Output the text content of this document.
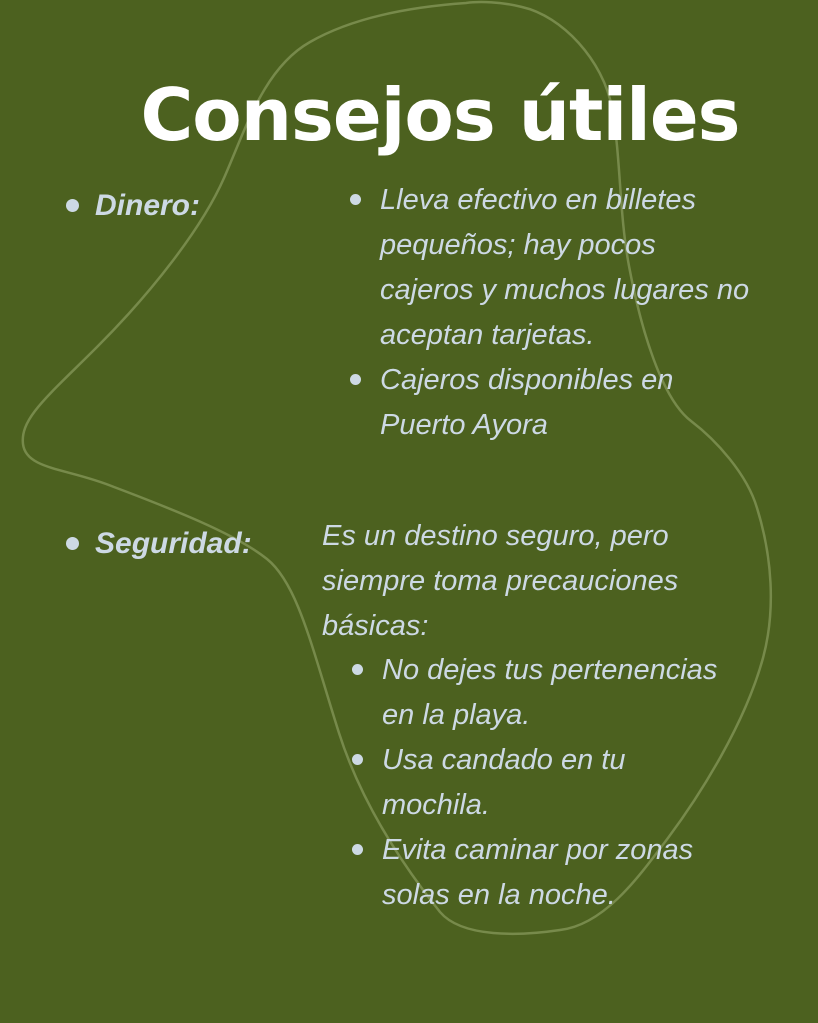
Consejos útiles
Dinero:	Lleva efectivo en billetes pequeños; hay pocos cajeros y muchos lugares no aceptan tarjetas.
Cajeros disponibles en Puerto Ayora
Seguridad: Es un destino seguro, pero siempre toma precauciones básicas:
No dejes tus pertenencias en la playa.
Usa candado en tu mochila.
Evita caminar por zonas solas en la noche.
